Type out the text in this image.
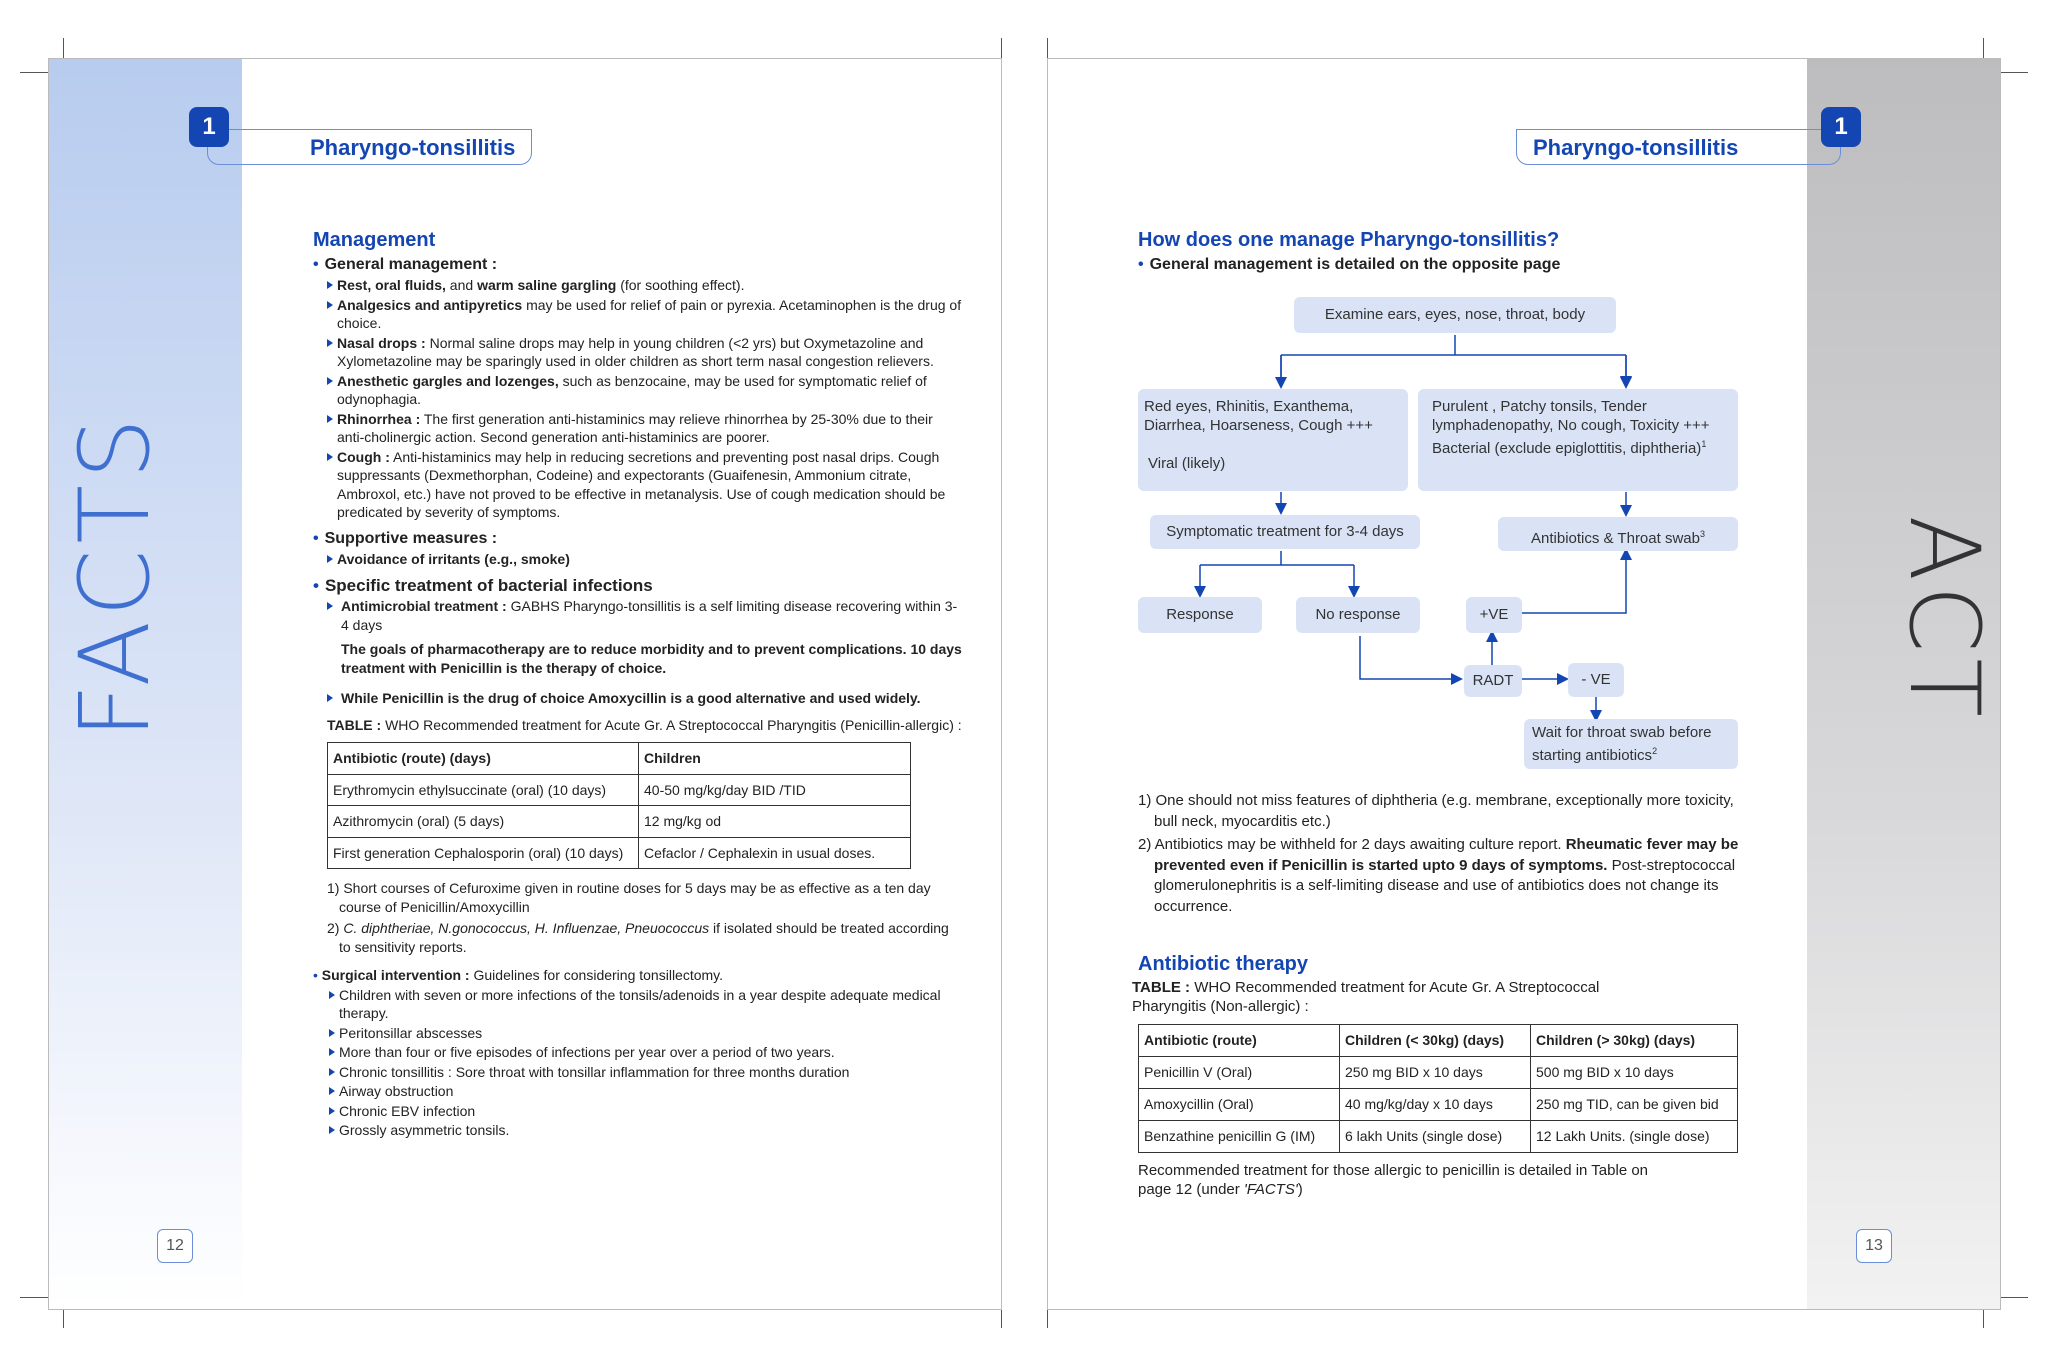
FACTS
Pharyngo-tonsillitis
1
Management
• General management :
Rest, oral fluids, and warm saline gargling (for soothing effect).
Analgesics and antipyretics may be used for relief of pain or pyrexia. Acetaminophen is the drug of choice.
Nasal drops : Normal saline drops may help in young children (<2 yrs) but Oxymetazoline and Xylometazoline may be sparingly used in older children as short term nasal congestion relievers.
Anesthetic gargles and lozenges, such as benzocaine, may be used for symptomatic relief of odynophagia.
Rhinorrhea : The first generation anti-histaminics may relieve rhinorrhea by 25-30% due to their anti-cholinergic action. Second generation anti-histaminics are poorer.
Cough : Anti-histaminics may help in reducing secretions and preventing post nasal drips. Cough suppressants (Dexmethorphan, Codeine) and expectorants (Guaifenesin, Ammonium citrate, Ambroxol, etc.) have not proved to be effective in metanalysis. Use of cough medication should be predicated by severity of symptoms.
• Supportive measures :
Avoidance of irritants (e.g., smoke)
• Specific treatment of bacterial infections
Antimicrobial treatment : GABHS Pharyngo-tonsillitis is a self limiting disease recovering within 3-4 days
The goals of pharmacotherapy are to reduce morbidity and to prevent complications. 10 days treatment with Penicillin is the therapy of choice.
While Penicillin is the drug of choice Amoxycillin is a good alternative and used widely.
TABLE : WHO Recommended treatment for Acute Gr. A Streptococcal Pharyngitis (Penicillin-allergic) :
Antibiotic (route) (days)	Children
Erythromycin ethylsuccinate (oral) (10 days)	40-50 mg/kg/day BID /TID
Azithromycin (oral) (5 days)	12 mg/kg od
First generation Cephalosporin (oral) (10 days)	Cefaclor / Cephalexin in usual doses.
1) Short courses of Cefuroxime given in routine doses for 5 days may be as effective as a ten day course of Penicillin/Amoxycillin
2) C. diphtheriae, N.gonococcus, H. Influenzae, Pneuococcus if isolated should be treated according to sensitivity reports.
• Surgical intervention : Guidelines for considering tonsillectomy.
Children with seven or more infections of the tonsils/adenoids in a year despite adequate medical therapy.
Peritonsillar abscesses
More than four or five episodes of infections per year over a period of two years.
Chronic tonsillitis : Sore throat with tonsillar inflammation for three months duration
Airway obstruction
Chronic EBV infection
Grossly asymmetric tonsils.
12
ACT
Pharyngo-tonsillitis
1
How does one manage Pharyngo-tonsillitis?
• General management is detailed on the opposite page
Examine ears, eyes, nose, throat, body
Red eyes, Rhinitis, Exanthema, Diarrhea, Hoarseness, Cough +++
Viral (likely)
Purulent , Patchy tonsils, Tender lymphadenopathy, No cough, Toxicity +++
Bacterial (exclude epiglottitis, diphtheria)$^1$
Symptomatic treatment for 3-4 days	Antibiotics & Throat swab$^3$
Response	No response	+VE
RADT	- VE
Wait for throat swab before starting antibiotics$^2$
1) One should not miss features of diphtheria (e.g. membrane, exceptionally more toxicity, bull neck, myocarditis etc.)
2) Antibiotics may be withheld for 2 days awaiting culture report. Rheumatic fever may be prevented even if Penicillin is started upto 9 days of symptoms. Post-streptococcal glomerulonephritis is a self-limiting disease and use of antibiotics does not change its occurrence.
Antibiotic therapy
TABLE : WHO Recommended treatment for Acute Gr. A Streptococcal Pharyngitis (Non-allergic) :
Antibiotic (route)	Children (< 30kg) (days)	Children (> 30kg) (days)
Penicillin V (Oral)	250 mg BID x 10 days	500 mg BID x 10 days
Amoxycillin (Oral)	40 mg/kg/day x 10 days	250 mg TID, can be given bid
Benzathine penicillin G (IM)	6 lakh Units (single dose)	12 Lakh Units. (single dose)
Recommended treatment for those allergic to penicillin is detailed in Table on page 12 (under 'FACTS')
13
